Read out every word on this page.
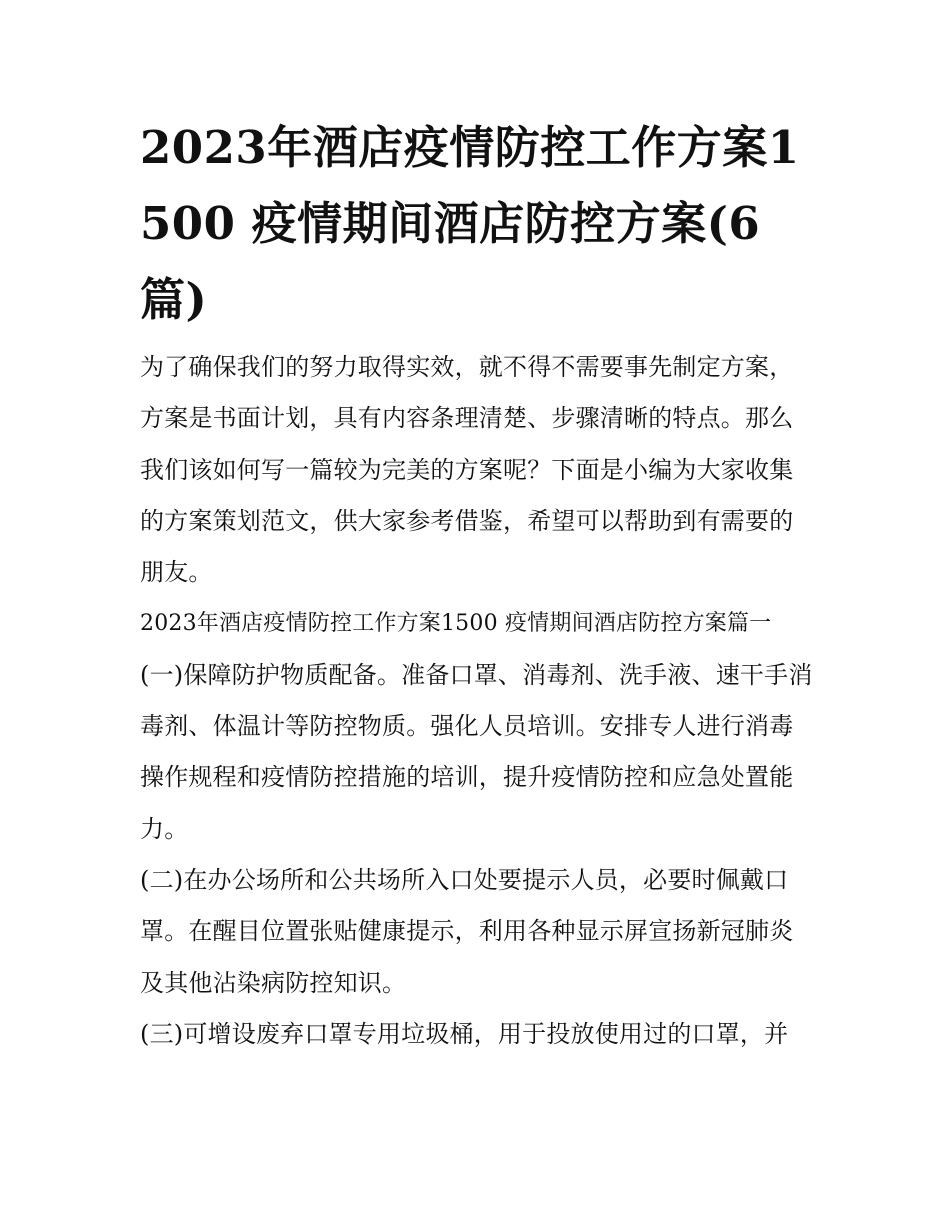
2023年酒店疫情防控工作方案1500 疫情期间酒店防控方案(6篇)

为了确保我们的努力取得实效，就不得不需要事先制定方案，方案是书面计划，具有内容条理清楚、步骤清晰的特点。那么我们该如何写一篇较为完美的方案呢？下面是小编为大家收集的方案策划范文，供大家参考借鉴，希望可以帮助到有需要的朋友。

2023年酒店疫情防控工作方案1500 疫情期间酒店防控方案篇一

(一)保障防护物质配备。准备口罩、消毒剂、洗手液、速干手消毒剂、体温计等防控物质。强化人员培训。安排专人进行消毒操作规程和疫情防控措施的培训，提升疫情防控和应急处置能力。

(二)在办公场所和公共场所入口处要提示人员，必要时佩戴口罩。在醒目位置张贴健康提示，利用各种显示屏宣扬新冠肺炎及其他沾染病防控知识。

(三)可增设废弃口罩专用垃圾桶，用于投放使用过的口罩，并
